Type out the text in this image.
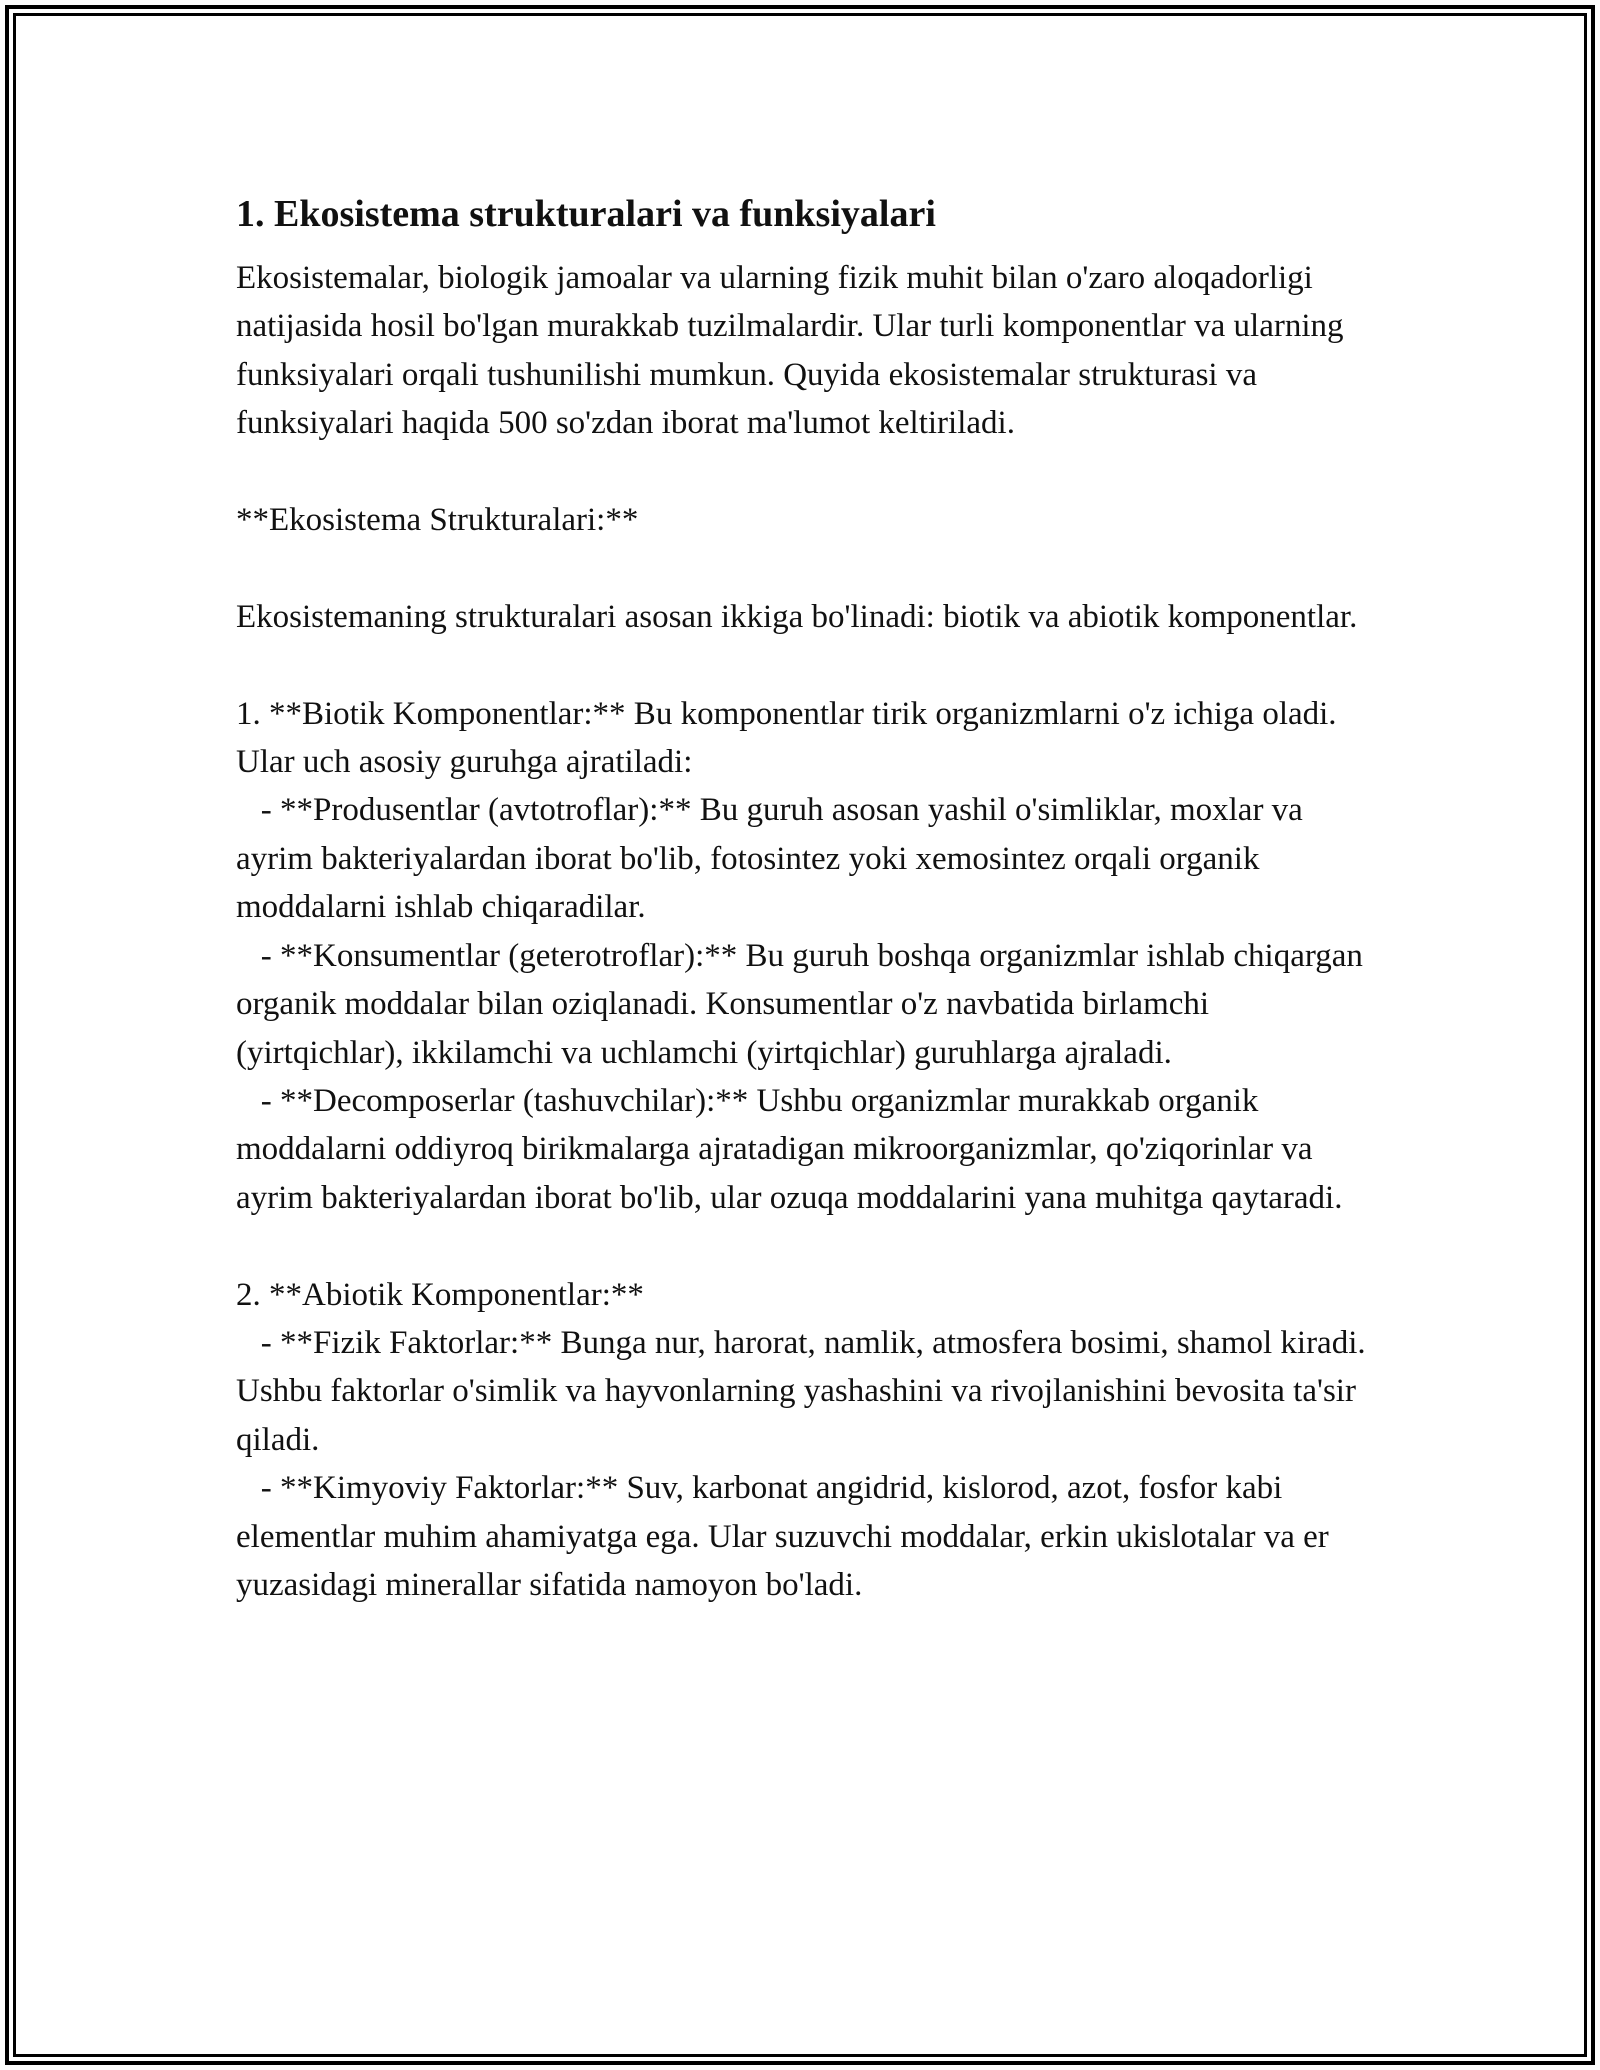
1. Ekosistema strukturalari va funksiyalari

Ekosistemalar, biologik jamoalar va ularning fizik muhit bilan o'zaro aloqadorligi natijasida hosil bo'lgan murakkab tuzilmalardir. Ular turli komponentlar va ularning funksiyalari orqali tushunilishi mumkun. Quyida ekosistemalar strukturasi va funksiyalari haqida 500 so'zdan iborat ma'lumot keltiriladi.

**Ekosistema Strukturalari:**

Ekosistemaning strukturalari asosan ikkiga bo'linadi: biotik va abiotik komponentlar.

1. **Biotik Komponentlar:** Bu komponentlar tirik organizmlarni o'z ichiga oladi. Ular uch asosiy guruhga ajratiladi:
- **Produsentlar (avtotroflar):** Bu guruh asosan yashil o'simliklar, moxlar va ayrim bakteriyalardan iborat bo'lib, fotosintez yoki xemosintez orqali organik moddalarni ishlab chiqaradilar.
- **Konsumentlar (geterotroflar):** Bu guruh boshqa organizmlar ishlab chiqargan organik moddalar bilan oziqlanadi. Konsumentlar o'z navbatida birlamchi (yirtqichlar), ikkilamchi va uchlamchi (yirtqichlar) guruhlarga ajraladi.
- **Decomposerlar (tashuvchilar):** Ushbu organizmlar murakkab organik moddalarni oddiyroq birikmalarga ajratadigan mikroorganizmlar, qo'ziqorinlar va ayrim bakteriyalardan iborat bo'lib, ular ozuqa moddalarini yana muhitga qaytaradi.

2. **Abiotik Komponentlar:**
- **Fizik Faktorlar:** Bunga nur, harorat, namlik, atmosfera bosimi, shamol kiradi. Ushbu faktorlar o'simlik va hayvonlarning yashashini va rivojlanishini bevosita ta'sir qiladi.
- **Kimyoviy Faktorlar:** Suv, karbonat angidrid, kislorod, azot, fosfor kabi elementlar muhim ahamiyatga ega. Ular suzuvchi moddalar, erkin ukislotalar va er yuzasidagi minerallar sifatida namoyon bo'ladi.
